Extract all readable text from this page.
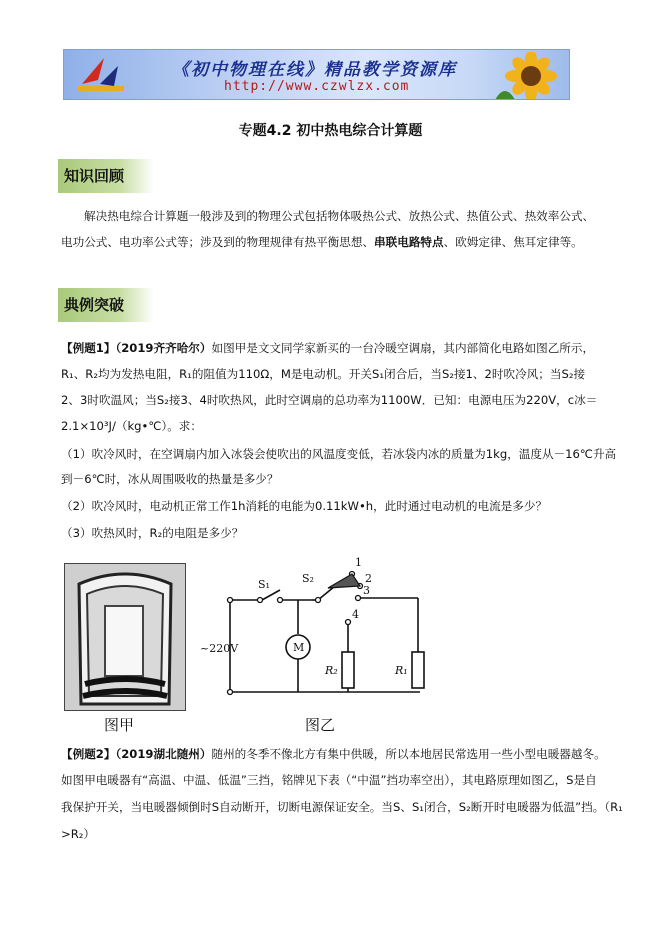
《初中物理在线》精品教学资源库
http://www.czwlzx.com
专题4.2 初中热电综合计算题
知识回顾
解决热电综合计算题一般涉及到的物理公式包括物体吸热公式、放热公式、热值公式、热效率公式、
电功公式、电功率公式等；涉及到的物理规律有热平衡思想、串联电路特点、欧姆定律、焦耳定律等。
典例突破
【例题1】（2019齐齐哈尔）如图甲是文文同学家新买的一台冷暖空调扇，其内部简化电路如图乙所示，
R₁、R₂均为发热电阻，R₁的阻值为110Ω，M是电动机。开关S₁闭合后，当S₂接1、2时吹冷风；当S₂接
2、3时吹温风；当S₂接3、4时吹热风，此时空调扇的总功率为1100W．已知：电源电压为220V，c冰＝
2.1×10³J/（kg•℃）。求：
（1）吹冷风时，在空调扇内加入冰袋会使吹出的风温度变低，若冰袋内冰的质量为1kg，温度从－16℃升高
到－6℃时，冰从周围吸收的热量是多少？
（2）吹冷风时，电动机正常工作1h消耗的电能为0.11kW•h，此时通过电动机的电流是多少？
（3）吹热风时，R₂的电阻是多少？
图甲
S₁	S₂
~220V	M
R₁
R₂
1
2
3
4
图乙
【例题2】（2019湖北随州）随州的冬季不像北方有集中供暖，所以本地居民常选用一些小型电暖器越冬。
如图甲电暖器有“高温、中温、低温”三挡，铭牌见下表（“中温”挡功率空出），其电路原理如图乙，S是自
我保护开关，当电暖器倾倒时S自动断开，切断电源保证安全。当S、S₁闭合，S₂断开时电暖器为低温”挡。（R₁
>R₂）
